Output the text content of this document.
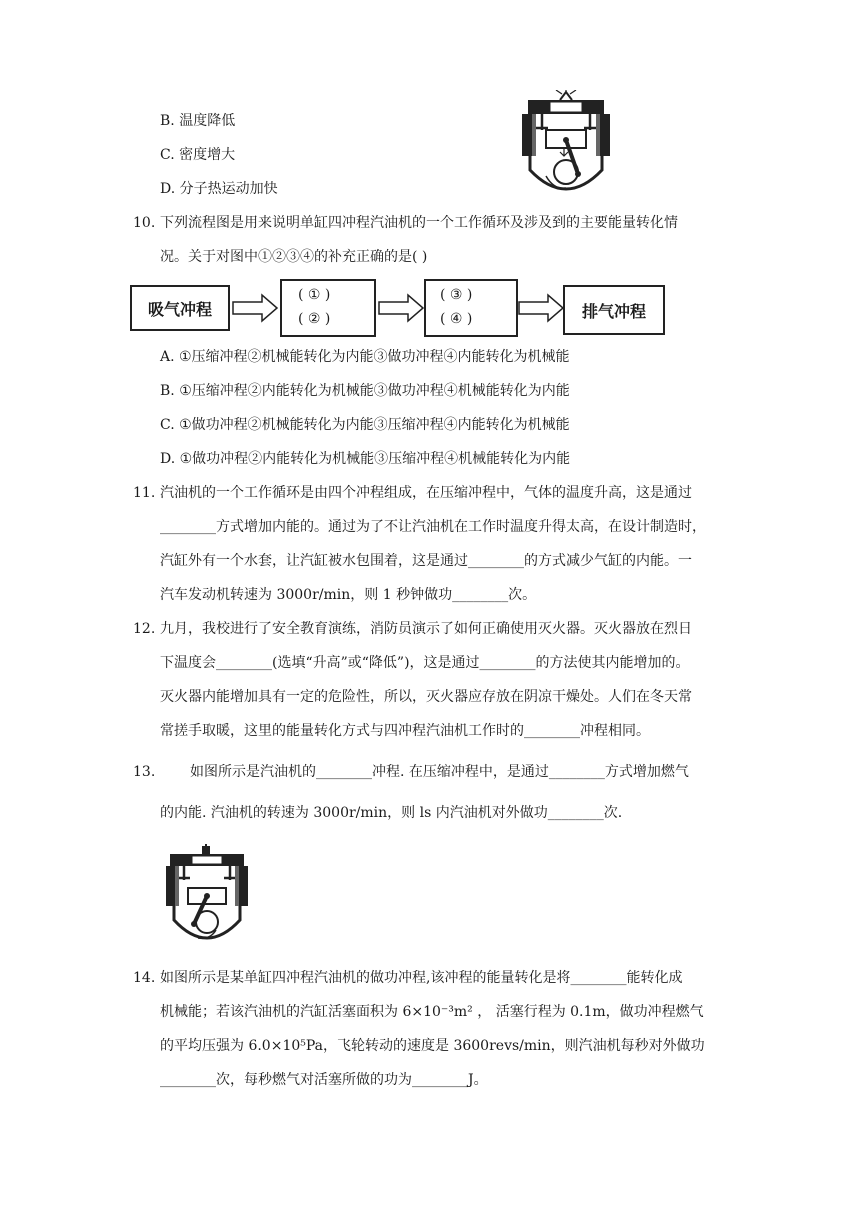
B. 温度降低
C. 密度增大
D. 分子热运动加快
10. 下列流程图是用来说明单缸四冲程汽油机的一个工作循环及涉及到的主要能量转化情
况。关于对图中①②③④的补充正确的是( )
吸气冲程
( ① )
( ② )
( ③ )
( ④ )	排气冲程
A. ①压缩冲程②机械能转化为内能③做功冲程④内能转化为机械能
B. ①压缩冲程②内能转化为机械能③做功冲程④机械能转化为内能
C. ①做功冲程②机械能转化为内能③压缩冲程④内能转化为机械能
D. ①做功冲程②内能转化为机械能③压缩冲程④机械能转化为内能
11. 汽油机的一个工作循环是由四个冲程组成，在压缩冲程中，气体的温度升高，这是通过
________方式增加内能的。通过为了不让汽油机在工作时温度升得太高，在设计制造时，
汽缸外有一个水套，让汽缸被水包围着，这是通过________的方式减少气缸的内能。一
汽车发动机转速为 3000r/min，则 1 秒钟做功________次。
12. 九月，我校进行了安全教育演练，消防员演示了如何正确使用灭火器。灭火器放在烈日
下温度会________(选填“升高”或“降低”)，这是通过________的方法使其内能增加的。
灭火器内能增加具有一定的危险性，所以，灭火器应存放在阴凉干燥处。人们在冬天常
常搓手取暖，这里的能量转化方式与四冲程汽油机工作时的________冲程相同。
13. 如图所示是汽油机的________冲程. 在压缩冲程中，是通过________方式增加燃气
的内能. 汽油机的转速为 3000r/min，则 ls 内汽油机对外做功________次.
14. 如图所示是某单缸四冲程汽油机的做功冲程,该冲程的能量转化是将________能转化成
机械能；若该汽油机的汽缸活塞面积为 6×10⁻³m² ， 活塞行程为 0.1m，做功冲程燃气
的平均压强为 6.0×10⁵Pa，飞轮转动的速度是 3600revs/min，则汽油机每秒对外做功
________次，每秒燃气对活塞所做的功为________J。
